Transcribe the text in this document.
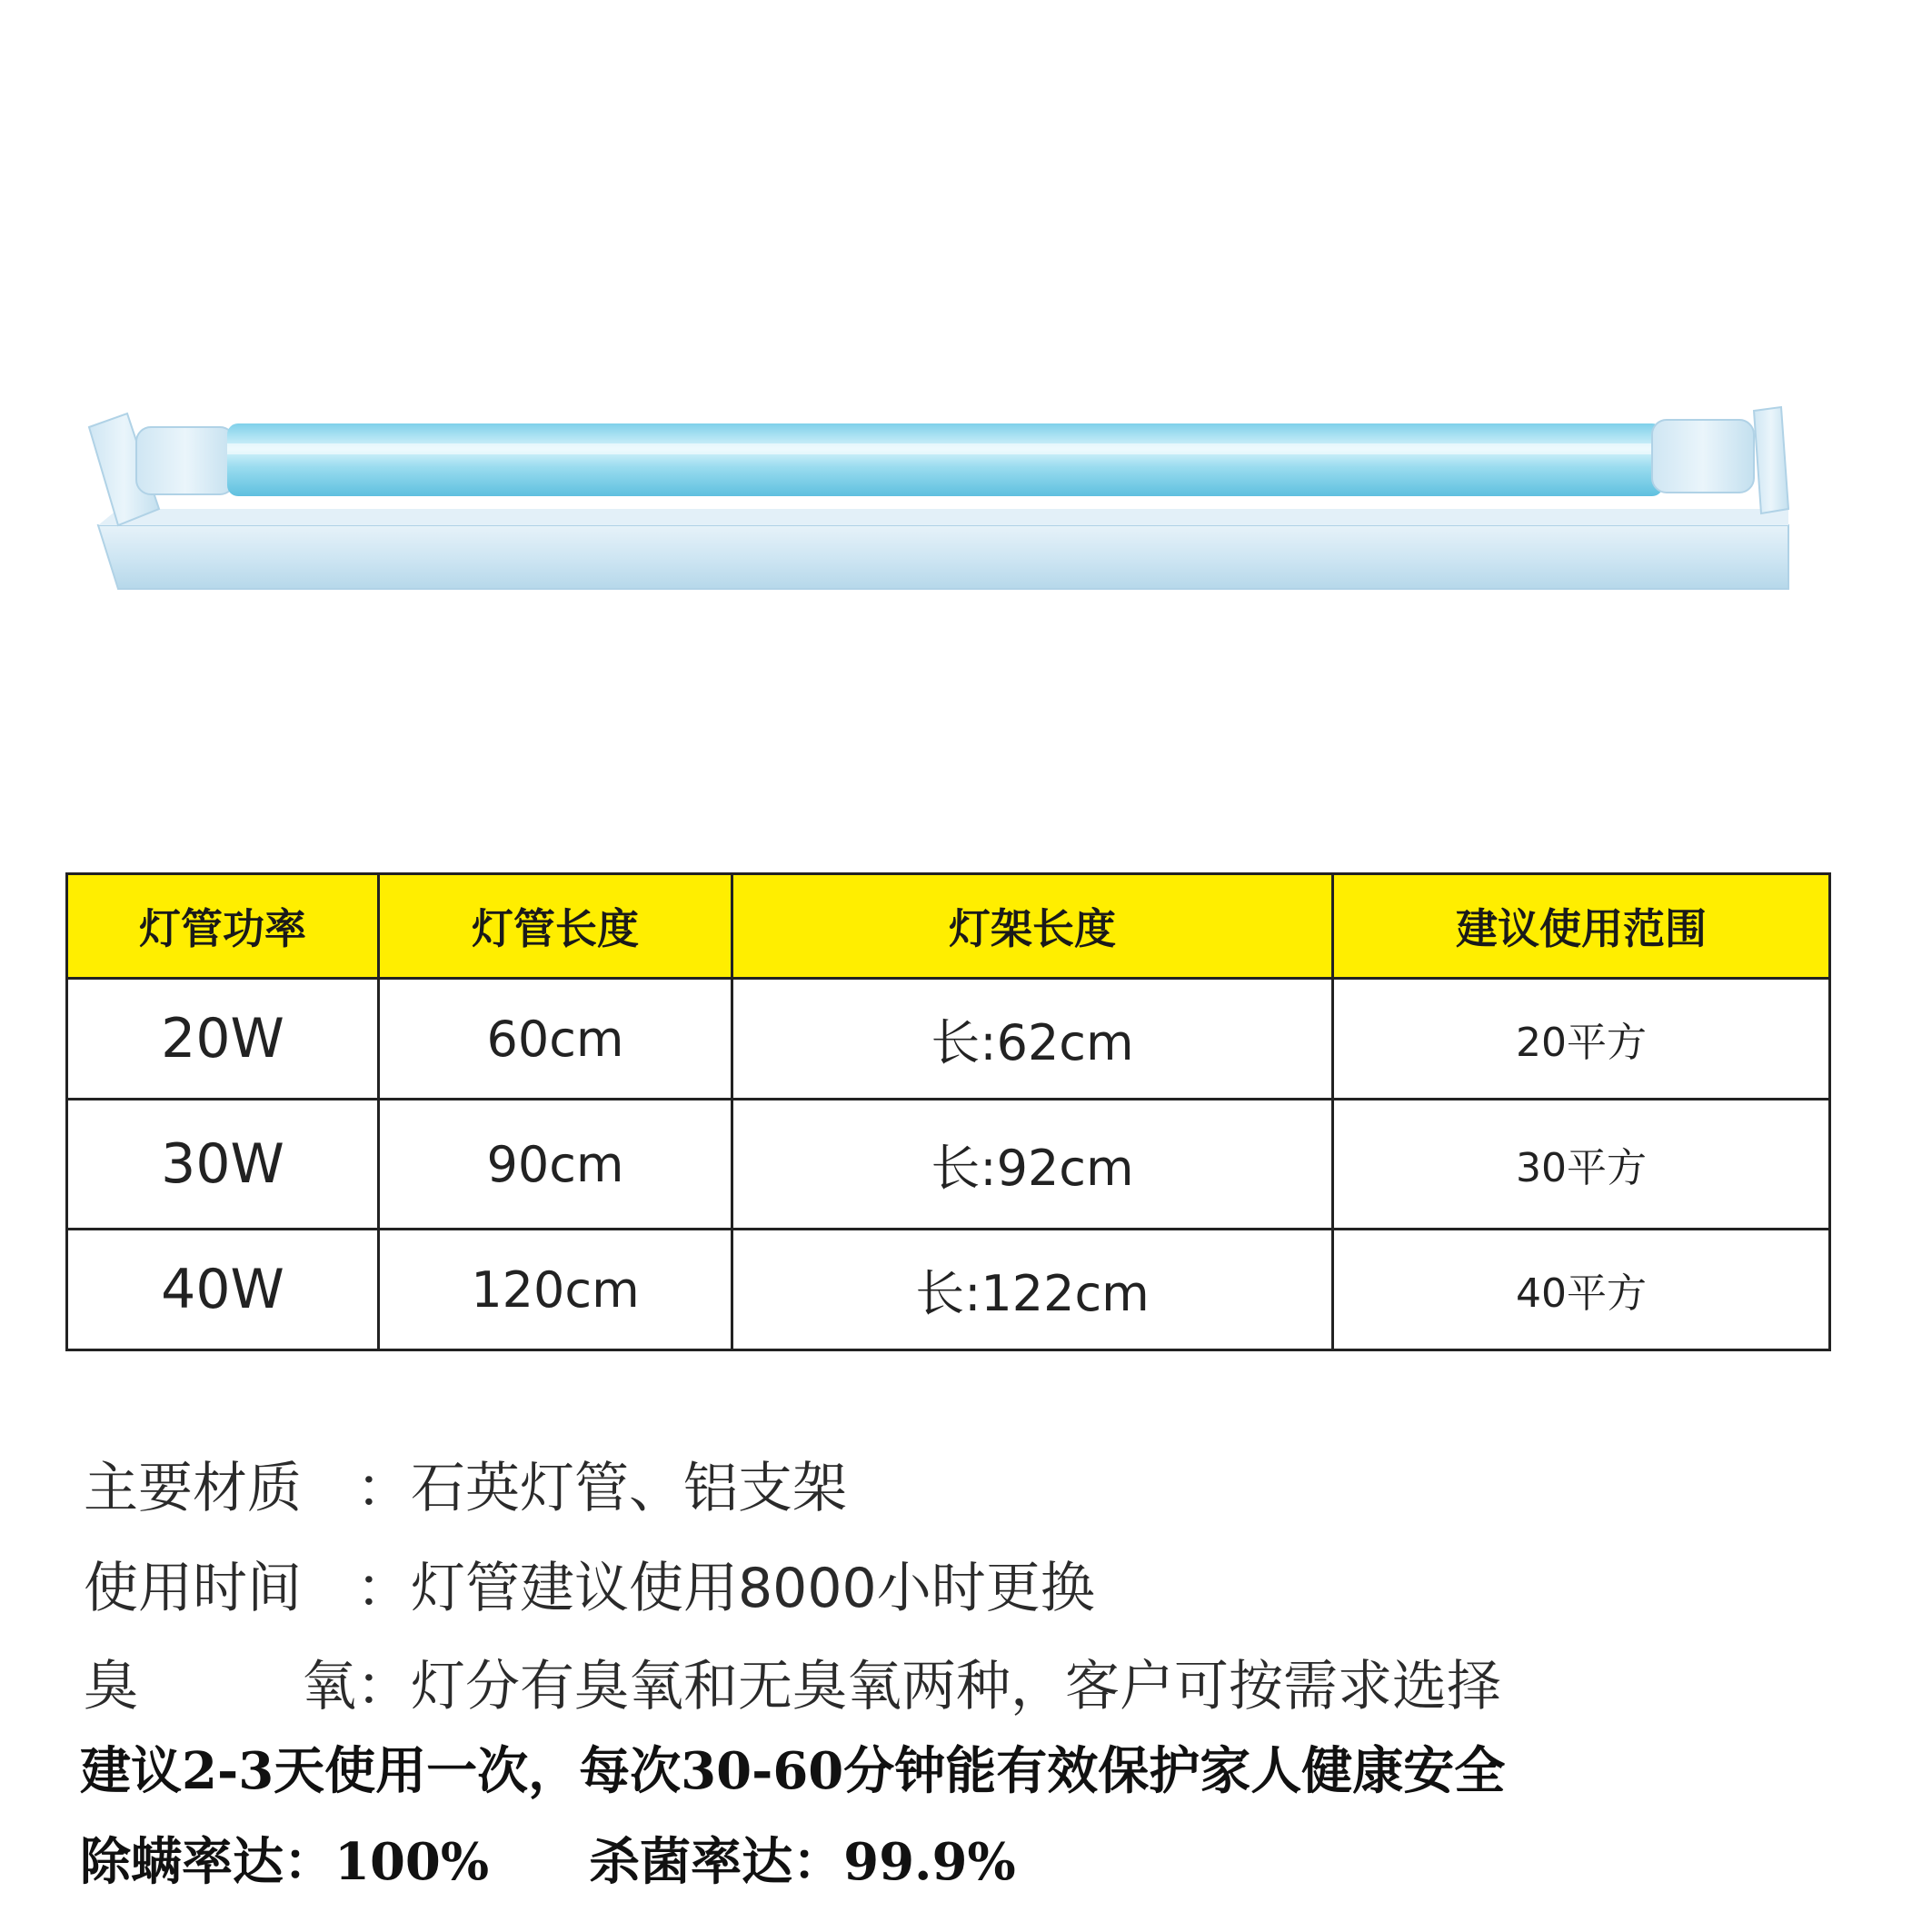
灯管功率	灯管长度	灯架长度	建议使用范围
20W	60cm	长:62cm	20平方
30W	90cm	长:92cm	30平方
40W	120cm	长:122cm	40平方
主要材质 ：石英灯管、铝支架
使用时间 ：灯管建议使用8000小时更换
臭氧：灯分有臭氧和无臭氧两种，客户可按需求选择
建议2-3天使用一次，每次30-60分钟能有效保护家人健康安全
除螨率达：100% 杀菌率达：99.9%
